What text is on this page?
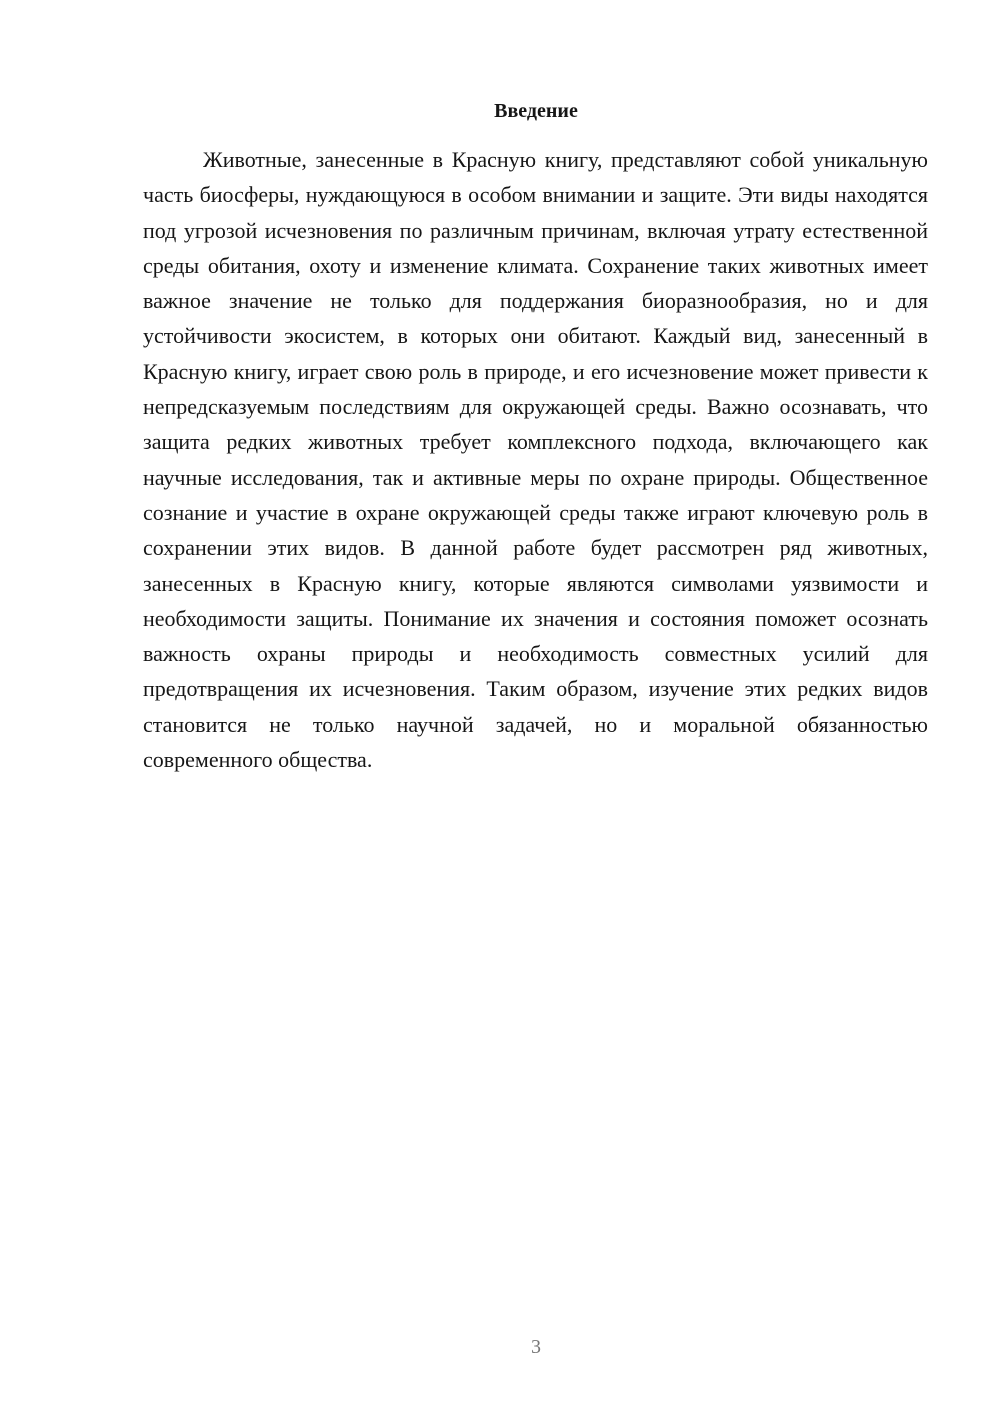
Введение

Животные, занесенные в Красную книгу, представляют собой уникальную часть биосферы, нуждающуюся в особом внимании и защите. Эти виды находятся под угрозой исчезновения по различным причинам, включая утрату естественной среды обитания, охоту и изменение климата. Сохранение таких животных имеет важное значение не только для поддержания биоразнообразия, но и для устойчивости экосистем, в которых они обитают. Каждый вид, занесенный в Красную книгу, играет свою роль в природе, и его исчезновение может привести к непредсказуемым последствиям для окружающей среды. Важно осознавать, что защита редких животных требует комплексного подхода, включающего как научные исследования, так и активные меры по охране природы. Общественное сознание и участие в охране окружающей среды также играют ключевую роль в сохранении этих видов. В данной работе будет рассмотрен ряд животных, занесенных в Красную книгу, которые являются символами уязвимости и необходимости защиты. Понимание их значения и состояния поможет осознать важность охраны природы и необходимость совместных усилий для предотвращения их исчезновения. Таким образом, изучение этих редких видов становится не только научной задачей, но и моральной обязанностью современного общества.

3
